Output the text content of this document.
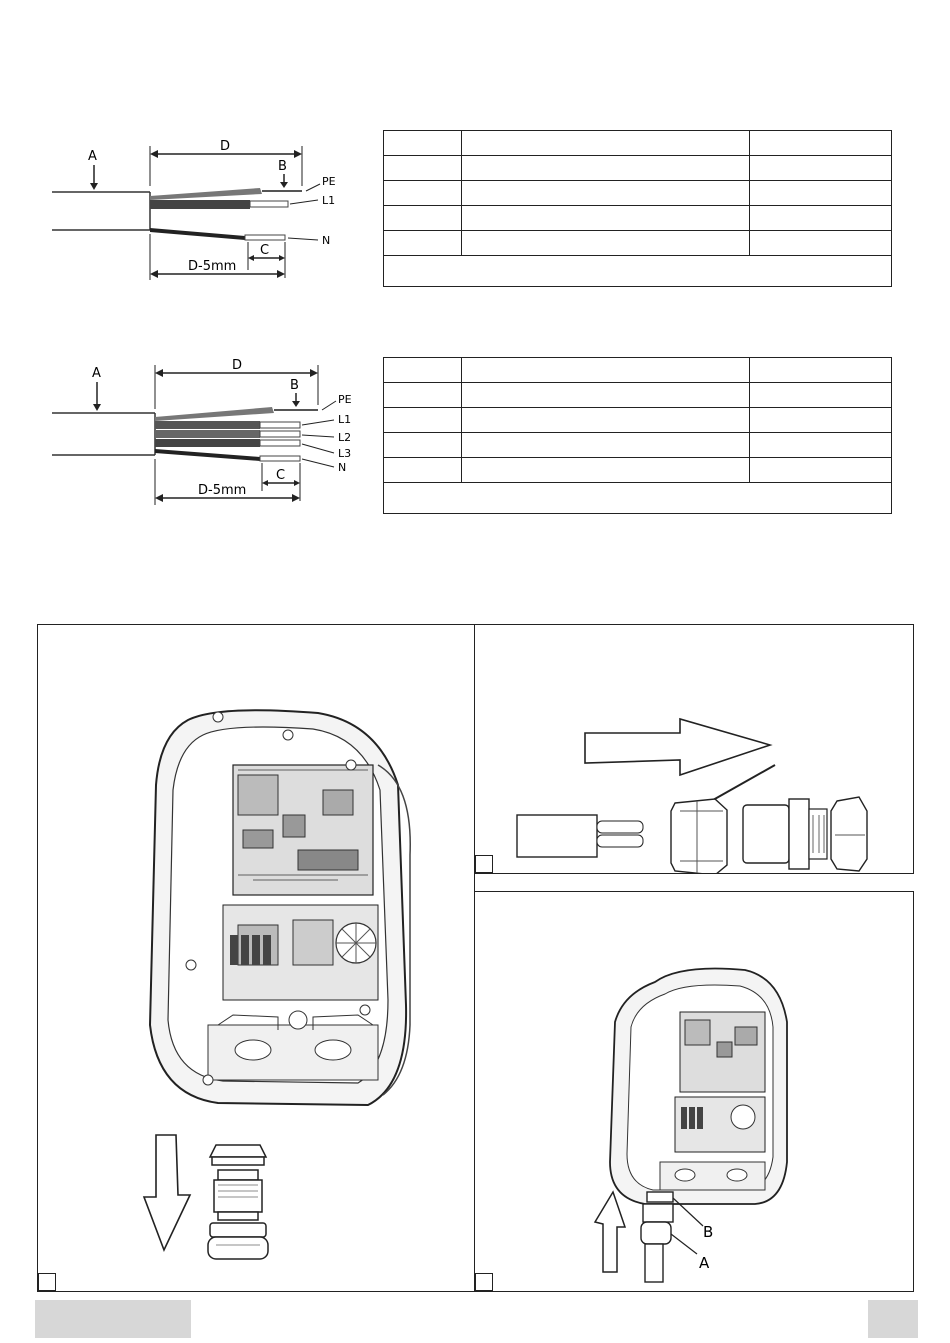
A
D
B
PE
L1
N
C
D-5mm

A
D
B
PE
L1
L2
L3
N
C
D-5mm

B
A
